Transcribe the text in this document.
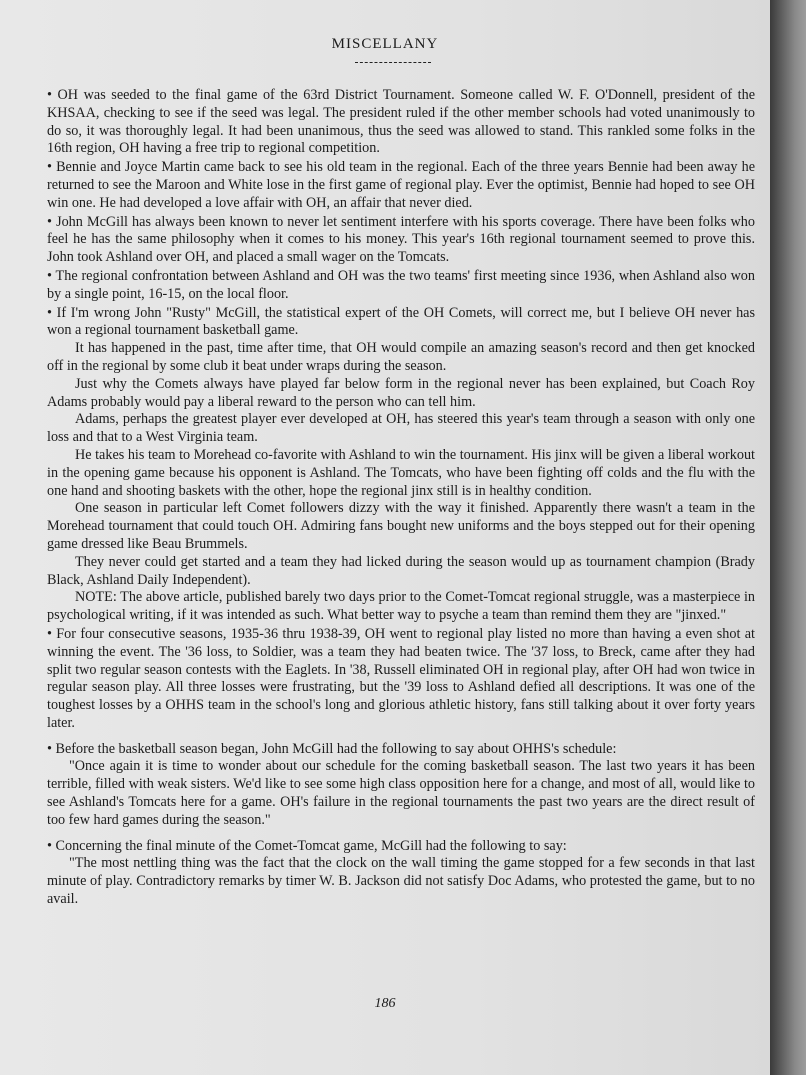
MISCELLANY

• OH was seeded to the final game of the 63rd District Tournament. Someone called W. F. O'Donnell, president of the KHSAA, checking to see if the seed was legal. The president ruled if the other member schools had voted unanimously to do so, it was thoroughly legal. It had been unanimous, thus the seed was allowed to stand. This rankled some folks in the 16th region, OH having a free trip to regional competition.

• Bennie and Joyce Martin came back to see his old team in the regional. Each of the three years Bennie had been away he returned to see the Maroon and White lose in the first game of regional play. Ever the optimist, Bennie had hoped to see OH win one. He had developed a love affair with OH, an affair that never died.

• John McGill has always been known to never let sentiment interfere with his sports coverage. There have been folks who feel he has the same philosophy when it comes to his money. This year's 16th regional tournament seemed to prove this. John took Ashland over OH, and placed a small wager on the Tomcats.

• The regional confrontation between Ashland and OH was the two teams' first meeting since 1936, when Ashland also won by a single point, 16-15, on the local floor.

• If I'm wrong John "Rusty" McGill, the statistical expert of the OH Comets, will correct me, but I believe OH never has won a regional tournament basketball game.

It has happened in the past, time after time, that OH would compile an amazing season's record and then get knocked off in the regional by some club it beat under wraps during the season.

Just why the Comets always have played far below form in the regional never has been explained, but Coach Roy Adams probably would pay a liberal reward to the person who can tell him.

Adams, perhaps the greatest player ever developed at OH, has steered this year's team through a season with only one loss and that to a West Virginia team.

He takes his team to Morehead co-favorite with Ashland to win the tournament. His jinx will be given a liberal workout in the opening game because his opponent is Ashland. The Tomcats, who have been fighting off colds and the flu with the one hand and shooting baskets with the other, hope the regional jinx still is in healthy condition.

One season in particular left Comet followers dizzy with the way it finished. Apparently there wasn't a team in the Morehead tournament that could touch OH. Admiring fans bought new uniforms and the boys stepped out for their opening game dressed like Beau Brummels.

They never could get started and a team they had licked during the season would up as tournament champion (Brady Black, Ashland Daily Independent).

NOTE: The above article, published barely two days prior to the Comet-Tomcat regional struggle, was a masterpiece in psychological writing, if it was intended as such. What better way to psyche a team than remind them they are "jinxed."

• For four consecutive seasons, 1935-36 thru 1938-39, OH went to regional play listed no more than having a even shot at winning the event. The '36 loss, to Soldier, was a team they had beaten twice. The '37 loss, to Breck, came after they had split two regular season contests with the Eaglets. In '38, Russell eliminated OH in regional play, after OH had won twice in regular season play. All three losses were frustrating, but the '39 loss to Ashland defied all descriptions. It was one of the toughest losses by a OHHS team in the school's long and glorious athletic history, fans still talking about it over forty years later.

• Before the basketball season began, John McGill had the following to say about OHHS's schedule:

"Once again it is time to wonder about our schedule for the coming basketball season. The last two years it has been terrible, filled with weak sisters. We'd like to see some high class opposition here for a change, and most of all, would like to see Ashland's Tomcats here for a game. OH's failure in the regional tournaments the past two years are the direct result of too few hard games during the season."

• Concerning the final minute of the Comet-Tomcat game, McGill had the following to say:

"The most nettling thing was the fact that the clock on the wall timing the game stopped for a few seconds in that last minute of play. Contradictory remarks by timer W. B. Jackson did not satisfy Doc Adams, who protested the game, but to no avail.

186
